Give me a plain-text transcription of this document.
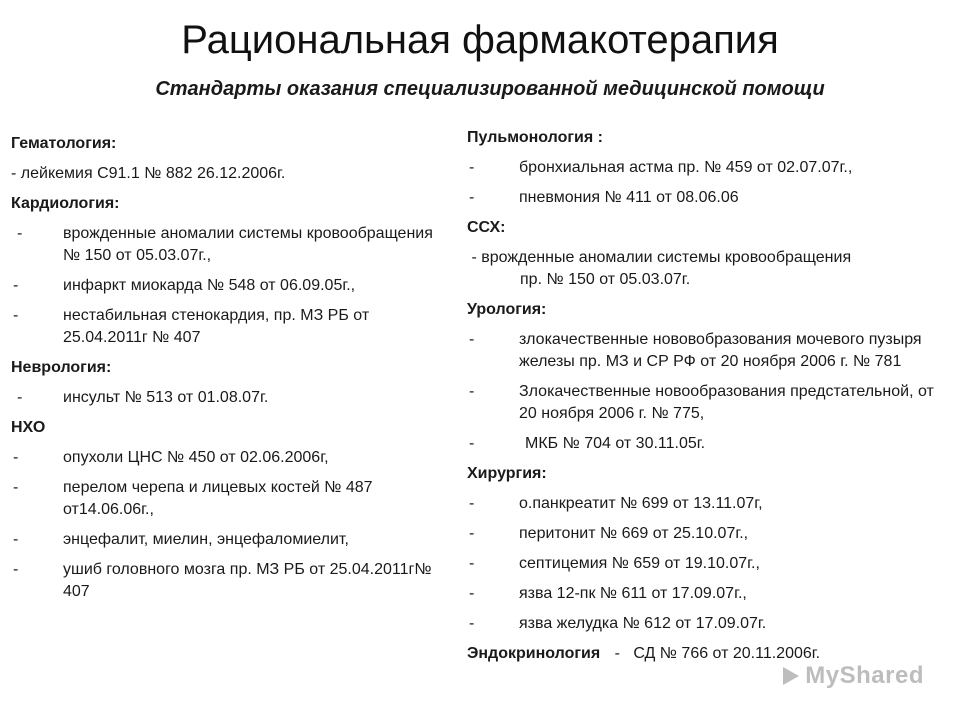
Рациональная фармакотерапия
Стандарты оказания специализированной медицинской помощи

Гематология:

- лейкемия С91.1 № 882 26.12.2006г.

Кардиология:

-	врожденные аномалии системы кровообращения № 150 от 05.03.07г.,
-	инфаркт миокарда № 548 от 06.09.05г.,
-	нестабильная стенокардия, пр. МЗ РБ от 25.04.2011г № 407

Неврология:

-	инсульт № 513 от 01.08.07г.

НХО

-	опухоли ЦНС № 450 от 02.06.2006г,
-	перелом черепа и лицевых костей № 487 от14.06.06г.,
-	энцефалит, миелин, энцефаломиелит,
-	ушиб головного мозга пр. МЗ РБ от 25.04.2011г№ 407

Пульмонология :

-	бронхиальная астма пр. № 459 от 02.07.07г.,
-	пневмония № 411 от 08.06.06

ССХ:

- врожденные аномалии системы кровообращения

пр. № 150 от 05.03.07г.

Урология:

-	злокачественные нововобразования мочевого пузыря железы пр. МЗ и СР РФ от 20 ноября 2006 г. № 781
-	Злокачественные новообразования предстательной, от 20 ноября 2006 г. № 775,
-	МКБ № 704 от 30.11.05г.

Хирургия:

-	о.панкреатит № 699 от 13.11.07г,
-	перитонит № 669 от 25.10.07г.,
-	септицемия № 659 от 19.10.07г.,
-	язва 12-пк № 611 от 17.09.07г.,
-	язва желудка № 612 от 17.09.07г.

Эндокринология -   СД № 766 от 20.11.2006г.

MyShared
